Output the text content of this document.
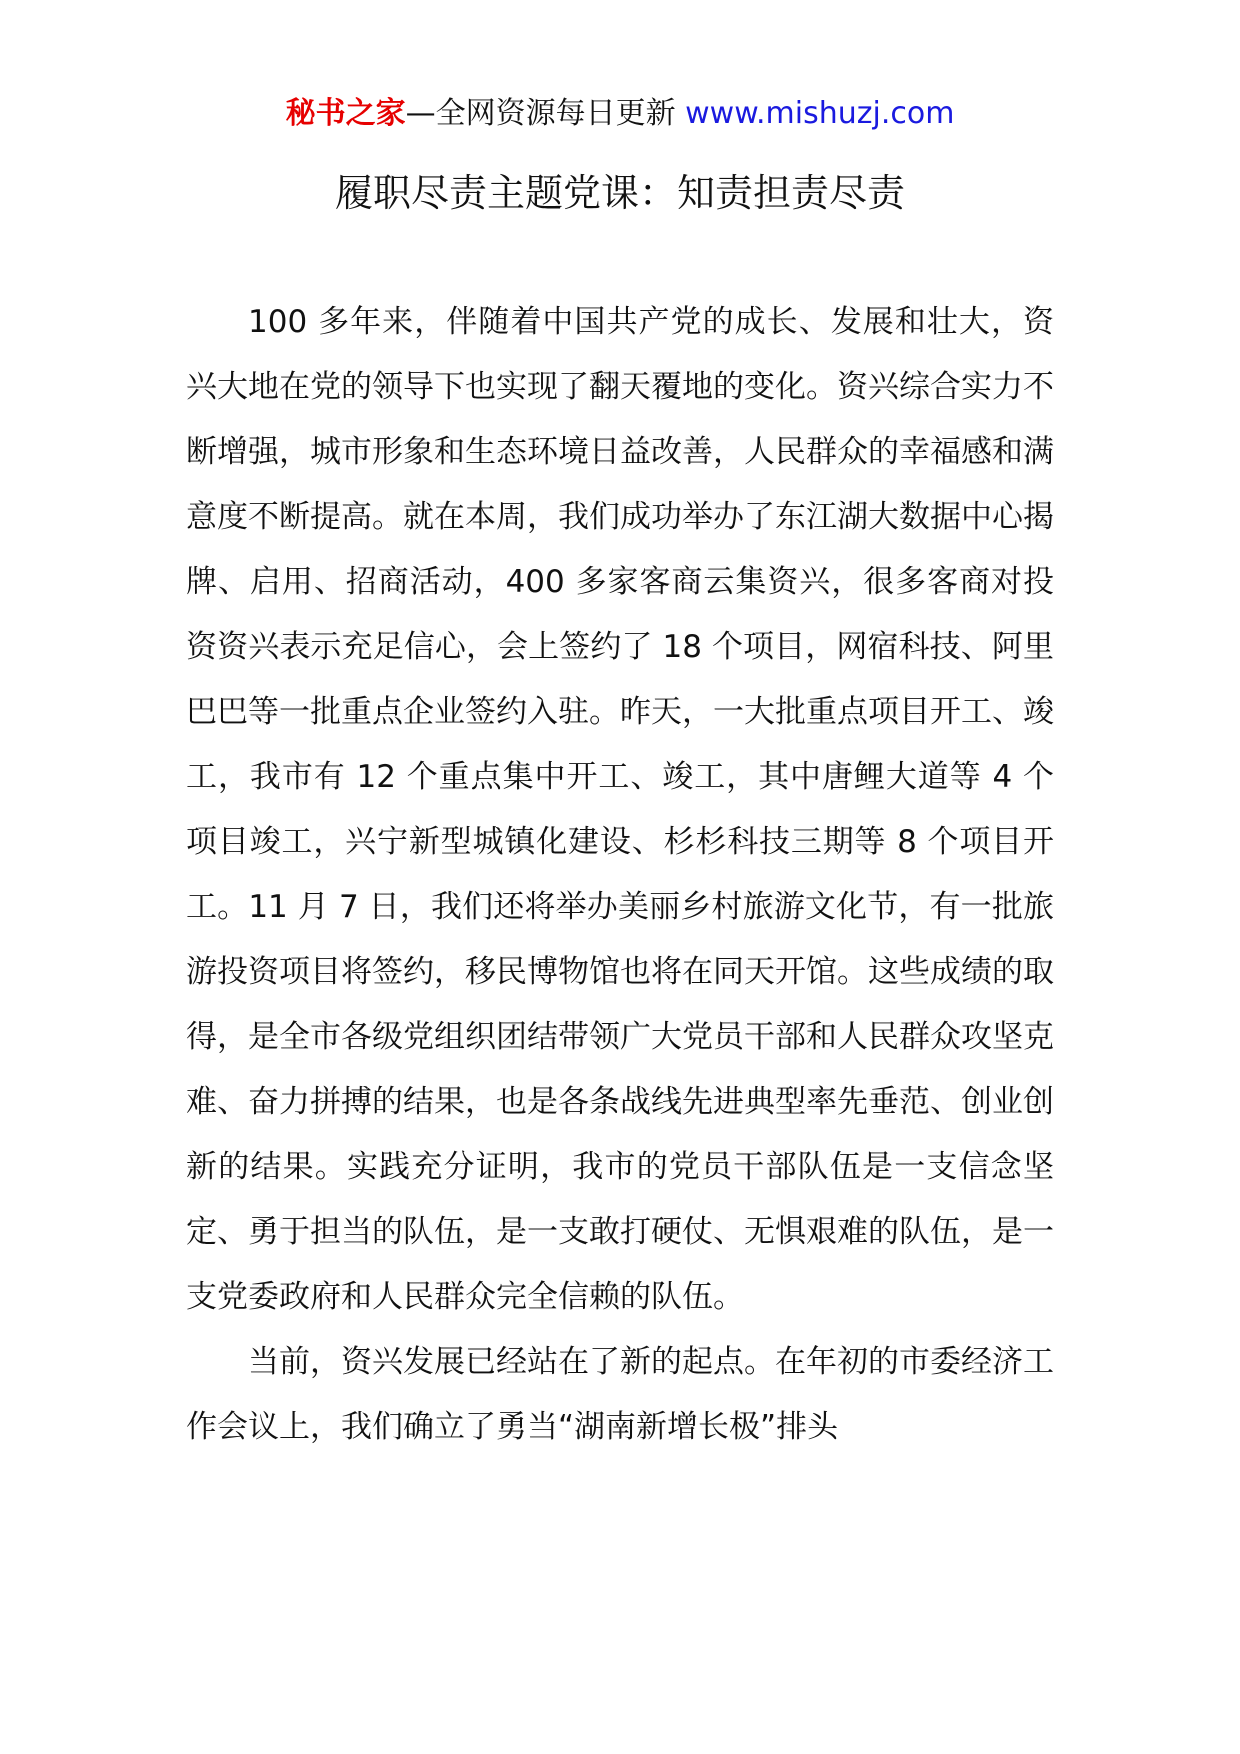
秘书之家—全网资源每日更新 www.mishuzj.com
履职尽责主题党课：知责担责尽责

100 多年来，伴随着中国共产党的成长、发展和壮大，资兴大地在党的领导下也实现了翻天覆地的变化。资兴综合实力不断增强，城市形象和生态环境日益改善，人民群众的幸福感和满意度不断提高。就在本周，我们成功举办了东江湖大数据中心揭牌、启用、招商活动，400 多家客商云集资兴，很多客商对投资资兴表示充足信心，会上签约了 18 个项目，网宿科技、阿里巴巴等一批重点企业签约入驻。昨天，一大批重点项目开工、竣工，我市有 12 个重点集中开工、竣工，其中唐鲤大道等 4 个项目竣工，兴宁新型城镇化建设、杉杉科技三期等 8 个项目开工。11 月 7 日，我们还将举办美丽乡村旅游文化节，有一批旅游投资项目将签约，移民博物馆也将在同天开馆。这些成绩的取得，是全市各级党组织团结带领广大党员干部和人民群众攻坚克难、奋力拼搏的结果，也是各条战线先进典型率先垂范、创业创新的结果。实践充分证明，我市的党员干部队伍是一支信念坚定、勇于担当的队伍，是一支敢打硬仗、无惧艰难的队伍，是一支党委政府和人民群众完全信赖的队伍。

当前，资兴发展已经站在了新的起点。在年初的市委经济工作会议上，我们确立了勇当“湖南新增长极”排头
